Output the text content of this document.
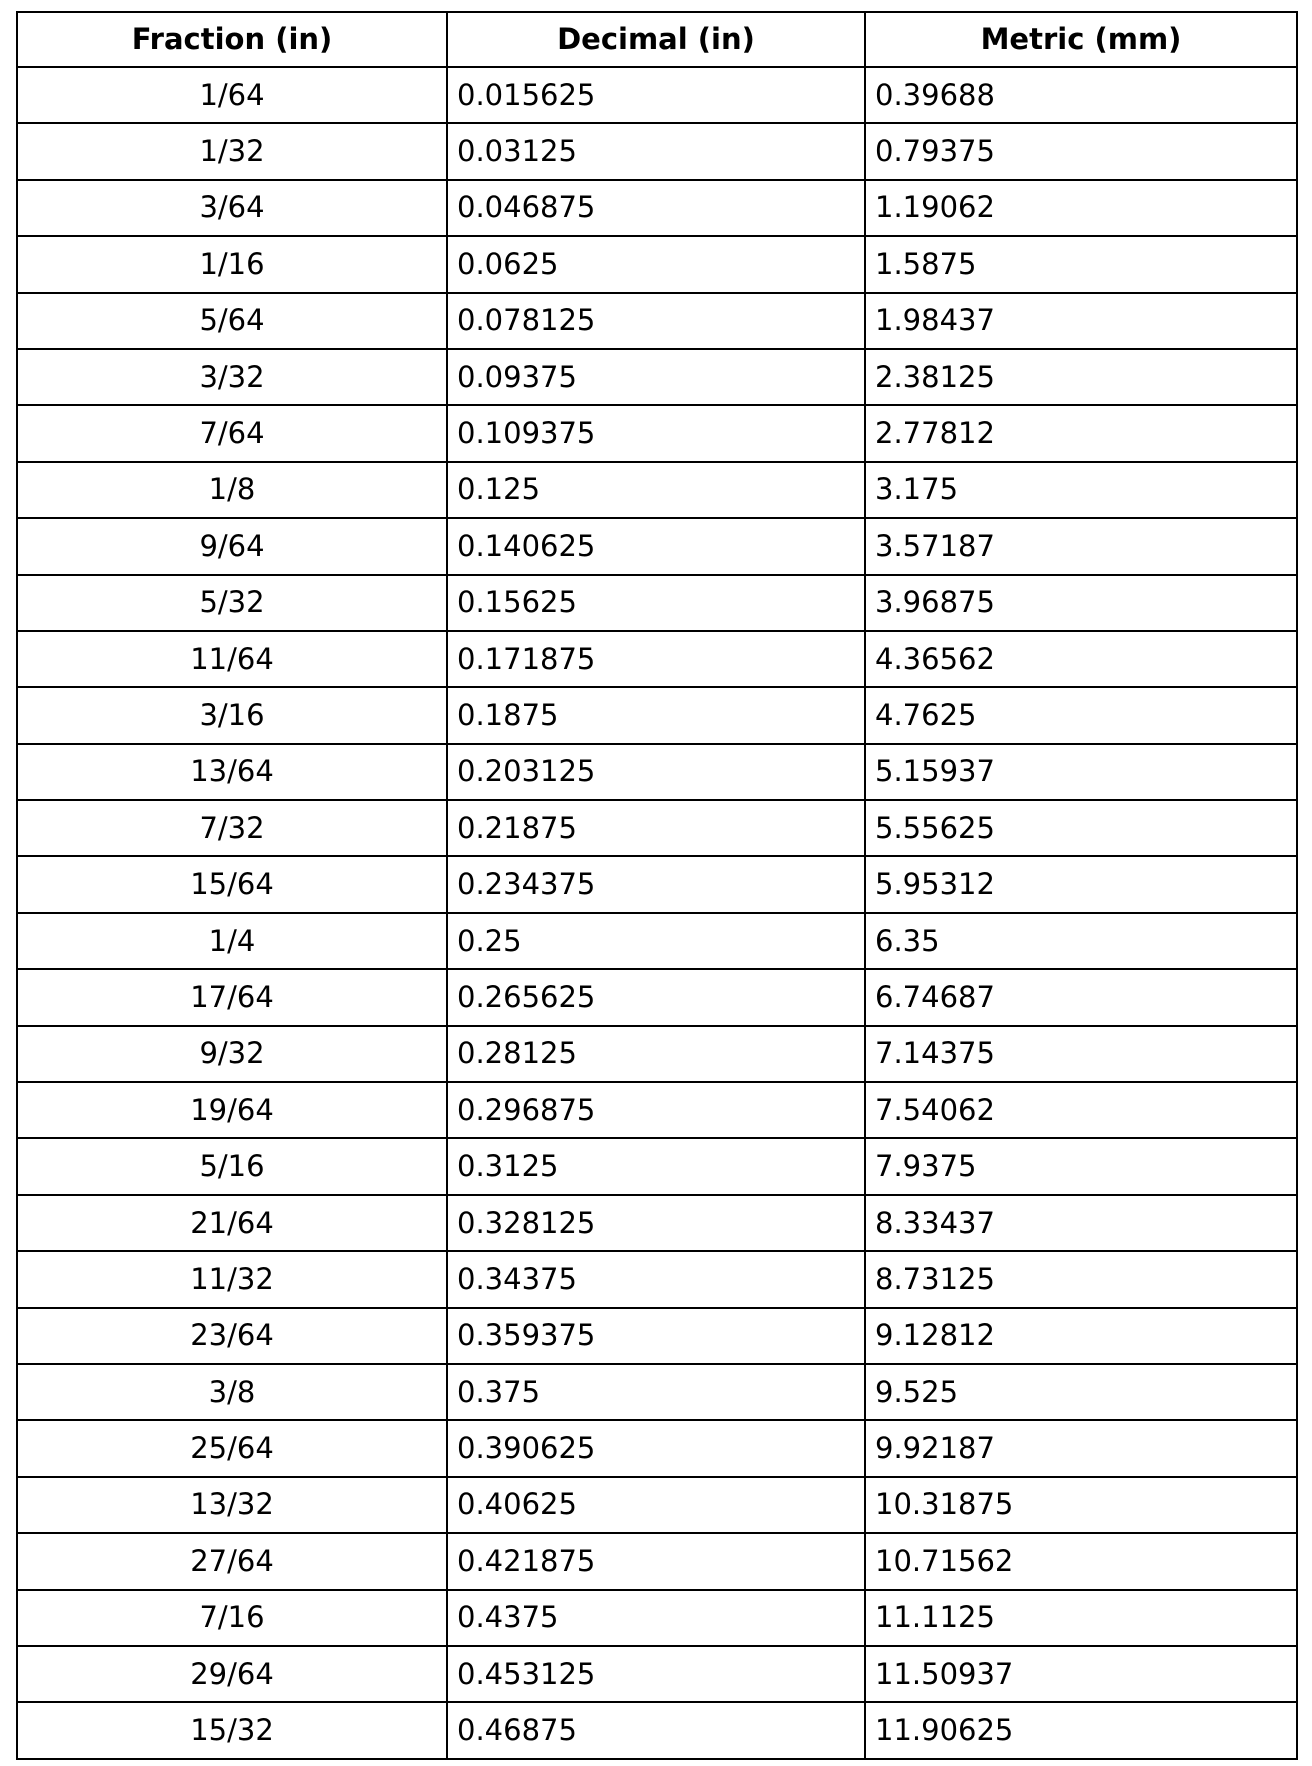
Fraction (in)	Decimal (in)	Metric (mm)
1/64	0.015625	0.39688
1/32	0.03125	0.79375
3/64	0.046875	1.19062
1/16	0.0625	1.5875
5/64	0.078125	1.98437
3/32	0.09375	2.38125
7/64	0.109375	2.77812
1/8	0.125	3.175
9/64	0.140625	3.57187
5/32	0.15625	3.96875
11/64	0.171875	4.36562
3/16	0.1875	4.7625
13/64	0.203125	5.15937
7/32	0.21875	5.55625
15/64	0.234375	5.95312
1/4	0.25	6.35
17/64	0.265625	6.74687
9/32	0.28125	7.14375
19/64	0.296875	7.54062
5/16	0.3125	7.9375
21/64	0.328125	8.33437
11/32	0.34375	8.73125
23/64	0.359375	9.12812
3/8	0.375	9.525
25/64	0.390625	9.92187
13/32	0.40625	10.31875
27/64	0.421875	10.71562
7/16	0.4375	11.1125
29/64	0.453125	11.50937
15/32	0.46875	11.90625
